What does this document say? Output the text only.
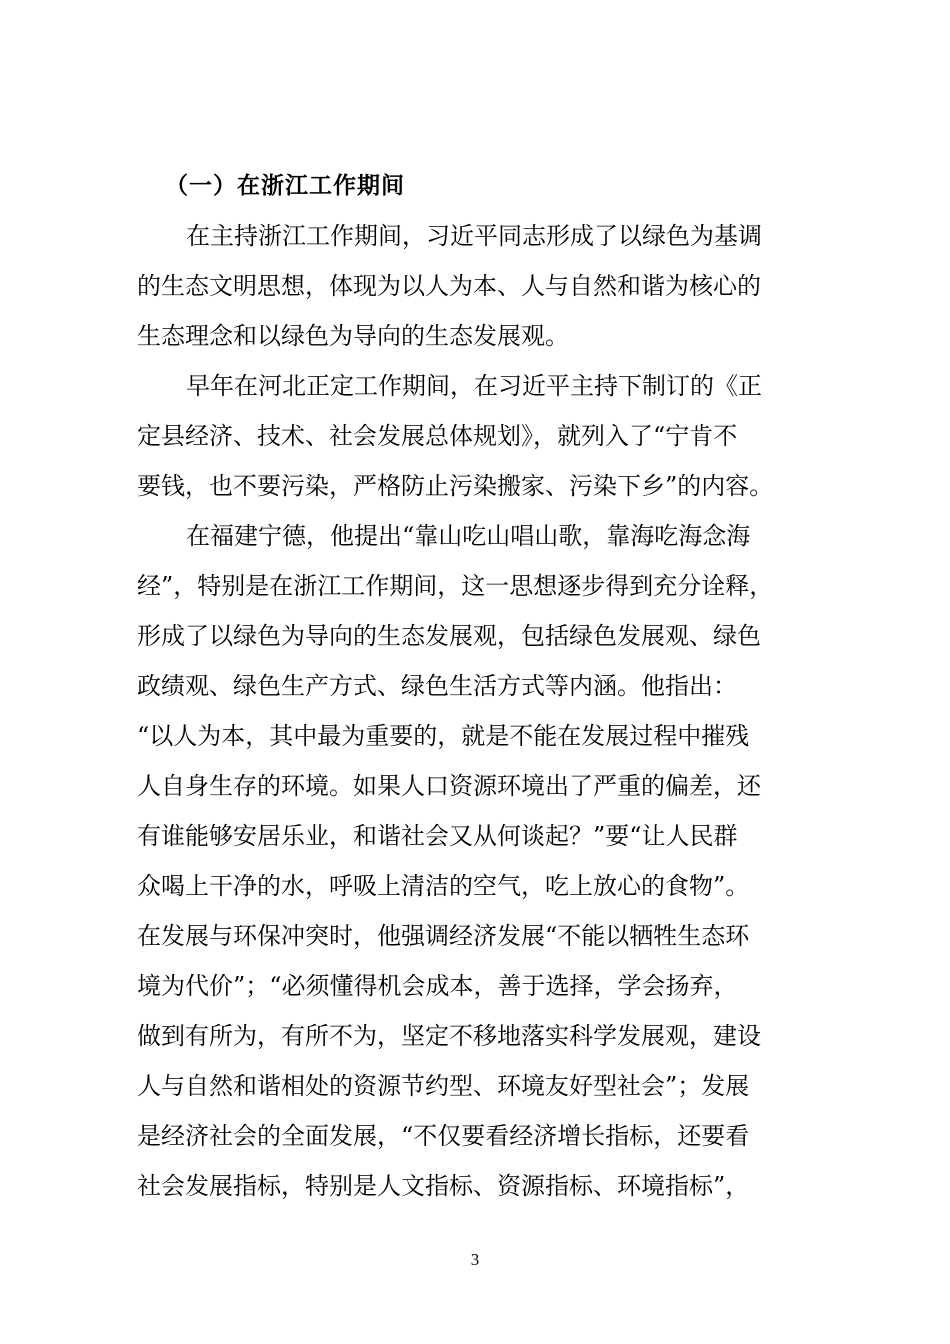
（一）在浙江工作期间
在主持浙江工作期间，习近平同志形成了以绿色为基调
的生态文明思想，体现为以人为本、人与自然和谐为核心的
生态理念和以绿色为导向的生态发展观。
早年在河北正定工作期间，在习近平主持下制订的《正
定县经济、技术、社会发展总体规划》，就列入了“宁肯不
要钱，也不要污染，严格防止污染搬家、污染下乡”的内容。
在福建宁德，他提出“靠山吃山唱山歌，靠海吃海念海
经”，特别是在浙江工作期间，这一思想逐步得到充分诠释，
形成了以绿色为导向的生态发展观，包括绿色发展观、绿色
政绩观、绿色生产方式、绿色生活方式等内涵。他指出：
“以人为本，其中最为重要的，就是不能在发展过程中摧残
人自身生存的环境。如果人口资源环境出了严重的偏差，还
有谁能够安居乐业，和谐社会又从何谈起？”要“让人民群
众喝上干净的水，呼吸上清洁的空气，吃上放心的食物”。
在发展与环保冲突时，他强调经济发展“不能以牺牲生态环
境为代价”；“必须懂得机会成本，善于选择，学会扬弃，
做到有所为，有所不为，坚定不移地落实科学发展观，建设
人与自然和谐相处的资源节约型、环境友好型社会”；发展
是经济社会的全面发展，“不仅要看经济增长指标，还要看
社会发展指标，特别是人文指标、资源指标、环境指标”，
3
